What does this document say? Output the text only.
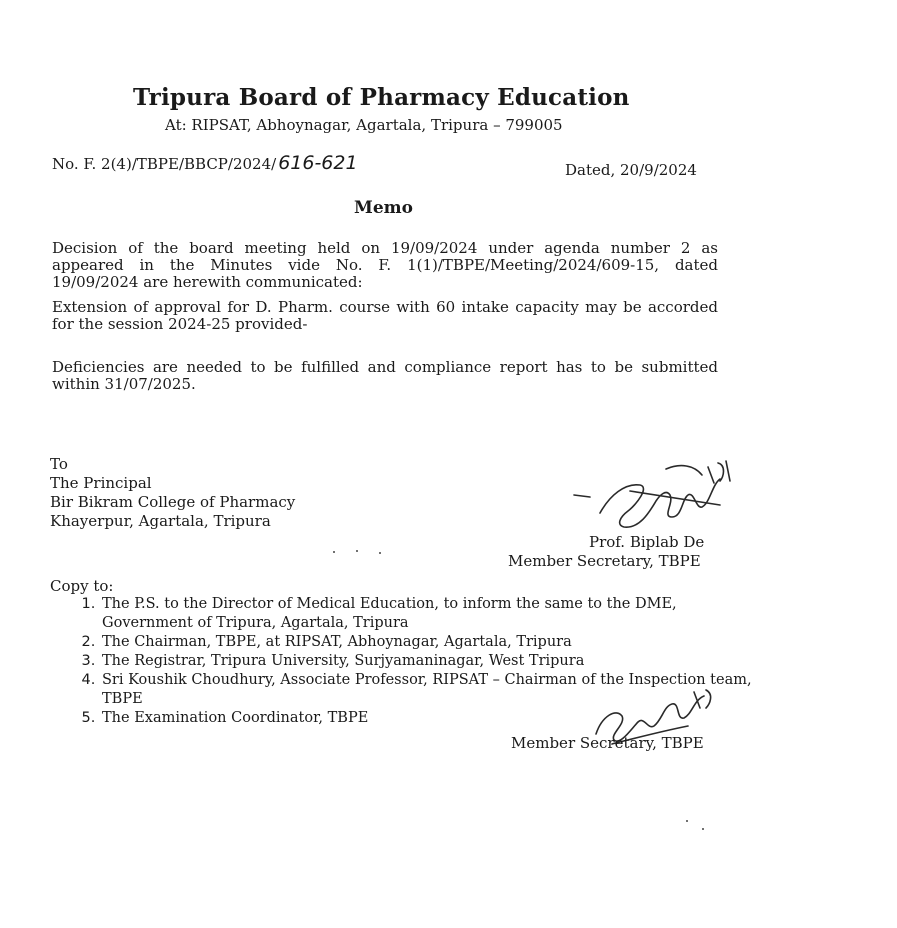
Tripura Board of Pharmacy Education
At: RIPSAT, Abhoynagar, Agartala, Tripura – 799005
No. F. 2(4)/TBPE/BBCP/2024/ 616-621	Dated, 20/9/2024
Memo
Decision of the board meeting held on 19/09/2024 under agenda number 2 as appeared in the Minutes vide No. F. 1(1)/TBPE/Meeting/2024/609-15, dated 19/09/2024 are herewith communicated:
Extension of approval for D. Pharm. course with 60 intake capacity may be accorded for the session 2024-25 provided-
Deficiencies are needed to be fulfilled and compliance report has to be submitted within 31/07/2025.
To
The Principal
Bir Bikram College of Pharmacy
Khayerpur, Agartala, Tripura
Prof. Biplab De
Member Secretary, TBPE
Copy to:
1. The P.S. to the Director of Medical Education, to inform the same to the DME, Government of Tripura, Agartala, Tripura
2. The Chairman, TBPE, at RIPSAT, Abhoynagar, Agartala, Tripura
3. The Registrar, Tripura University, Surjyamaninagar, West Tripura
4. Sri Koushik Choudhury, Associate Professor, RIPSAT – Chairman of the Inspection team, TBPE
5. The Examination Coordinator, TBPE
Member Secretary, TBPE
